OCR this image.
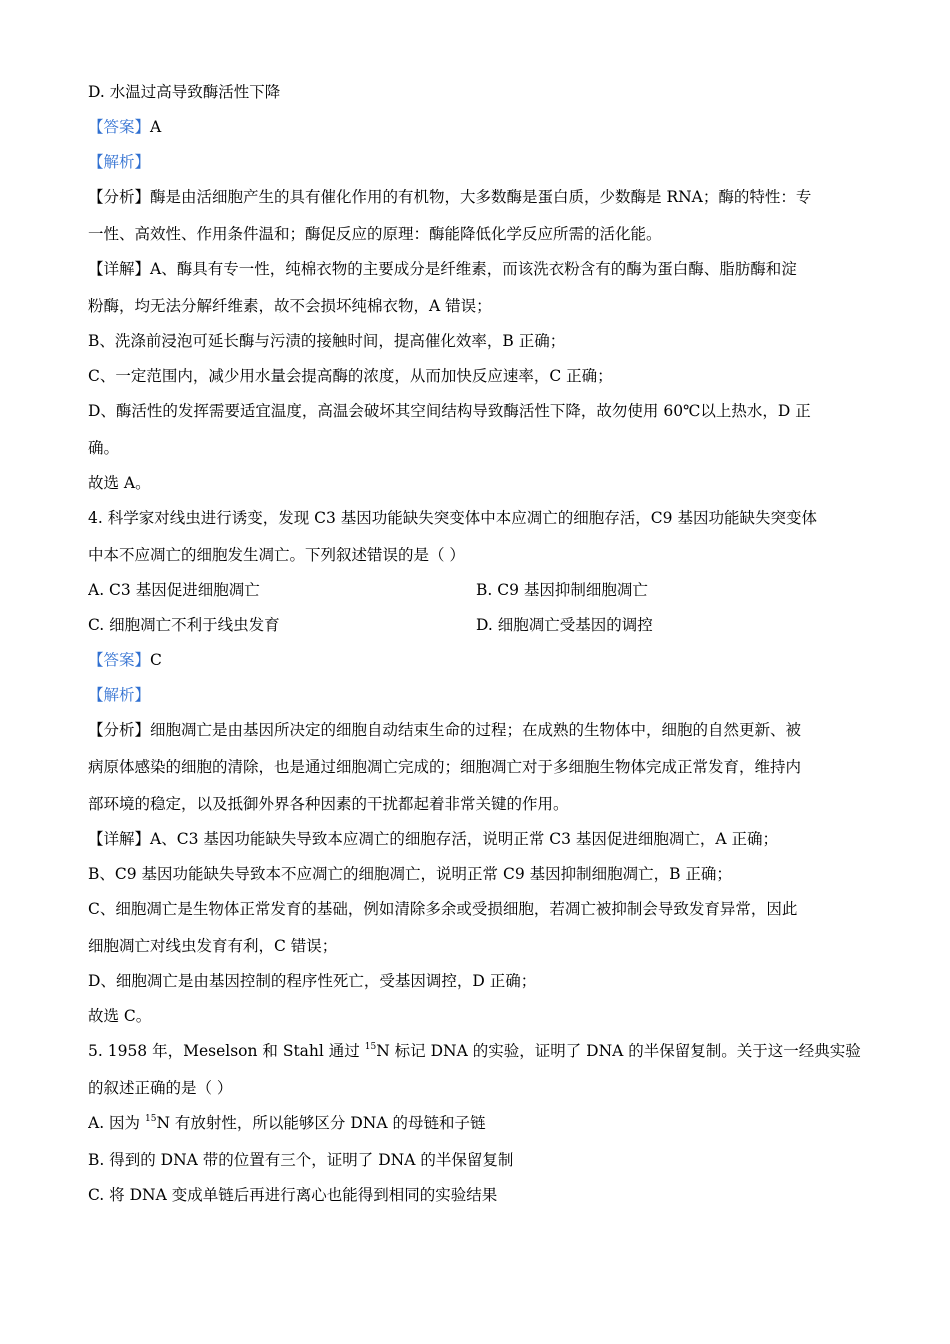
D. 水温过高导致酶活性下降
【答案】A
【解析】
【分析】酶是由活细胞产生的具有催化作用的有机物，大多数酶是蛋白质，少数酶是 RNA；酶的特性：专
一性、高效性、作用条件温和；酶促反应的原理：酶能降低化学反应所需的活化能。
【详解】A、酶具有专一性，纯棉衣物的主要成分是纤维素，而该洗衣粉含有的酶为蛋白酶、脂肪酶和淀
粉酶，均无法分解纤维素，故不会损坏纯棉衣物，A 错误；
B、洗涤前浸泡可延长酶与污渍的接触时间，提高催化效率，B 正确；
C、一定范围内，减少用水量会提高酶的浓度，从而加快反应速率，C 正确；
D、酶活性的发挥需要适宜温度，高温会破坏其空间结构导致酶活性下降，故勿使用 60℃以上热水，D 正
确。
故选 A。
4. 科学家对线虫进行诱变，发现 C3 基因功能缺失突变体中本应凋亡的细胞存活，C9 基因功能缺失突变体
中本不应凋亡的细胞发生凋亡。下列叙述错误的是（ ）
A. C3 基因促进细胞凋亡	B. C9 基因抑制细胞凋亡
C. 细胞凋亡不利于线虫发育	D. 细胞凋亡受基因的调控
【答案】C
【解析】
【分析】细胞凋亡是由基因所决定的细胞自动结束生命的过程；在成熟的生物体中，细胞的自然更新、被
病原体感染的细胞的清除，也是通过细胞凋亡完成的；细胞凋亡对于多细胞生物体完成正常发育，维持内
部环境的稳定，以及抵御外界各种因素的干扰都起着非常关键的作用。
【详解】A、C3 基因功能缺失导致本应凋亡的细胞存活，说明正常 C3 基因促进细胞凋亡，A 正确；
B、C9 基因功能缺失导致本不应凋亡的细胞凋亡，说明正常 C9 基因抑制细胞凋亡，B 正确；
C、细胞凋亡是生物体正常发育的基础，例如清除多余或受损细胞，若凋亡被抑制会导致发育异常，因此
细胞凋亡对线虫发育有利，C 错误；
D、细胞凋亡是由基因控制的程序性死亡，受基因调控，D 正确；
故选 C。
5. 1958 年，Meselson 和 Stahl 通过 $^{15}$N 标记 DNA 的实验，证明了 DNA 的半保留复制。关于这一经典实验
的叙述正确的是（ ）
A. 因为 $^{15}$N 有放射性，所以能够区分 DNA 的母链和子链
B. 得到的 DNA 带的位置有三个，证明了 DNA 的半保留复制
C. 将 DNA 变成单链后再进行离心也能得到相同的实验结果
